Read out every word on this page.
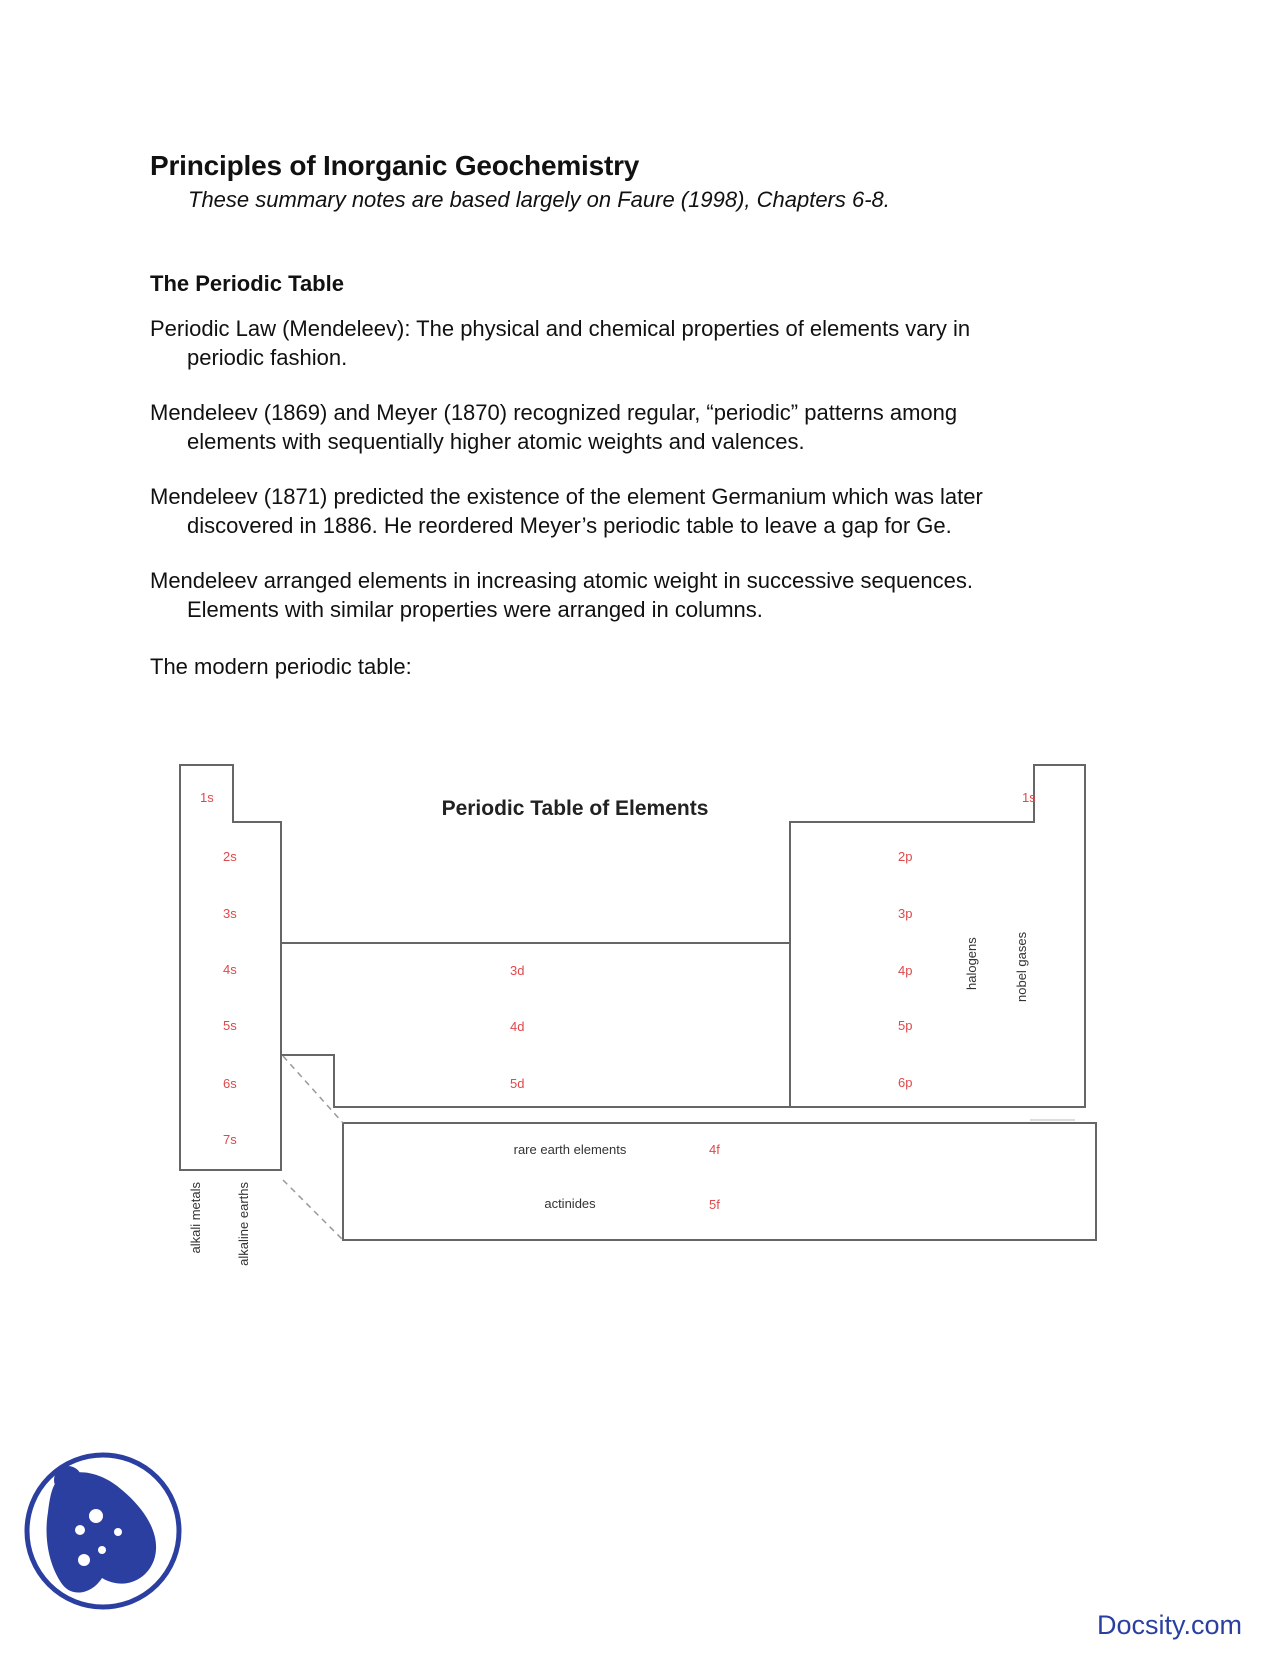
Principles of Inorganic Geochemistry

These summary notes are based largely on Faure (1998), Chapters 6-8.

The Periodic Table

Periodic Law (Mendeleev): The physical and chemical properties of elements vary in
periodic fashion.

Mendeleev (1869) and Meyer (1870) recognized regular, “periodic” patterns among
elements with sequentially higher atomic weights and valences.

Mendeleev (1871) predicted the existence of the element Germanium which was later
discovered in 1886. He reordered Meyer’s periodic table to leave a gap for Ge.

Mendeleev arranged elements in increasing atomic weight in successive sequences.
Elements with similar properties were arranged in columns.

The modern periodic table:

Periodic Table of Elements
1s
2s
3s
4s
5s
6s
7s
1s
3d
4d
5d
2p
3p
4p
5p
6p
4f
5f
rare earth elements
actinides
alkali metals	alkaline earths
halogens	nobel gases
Docsity.com
